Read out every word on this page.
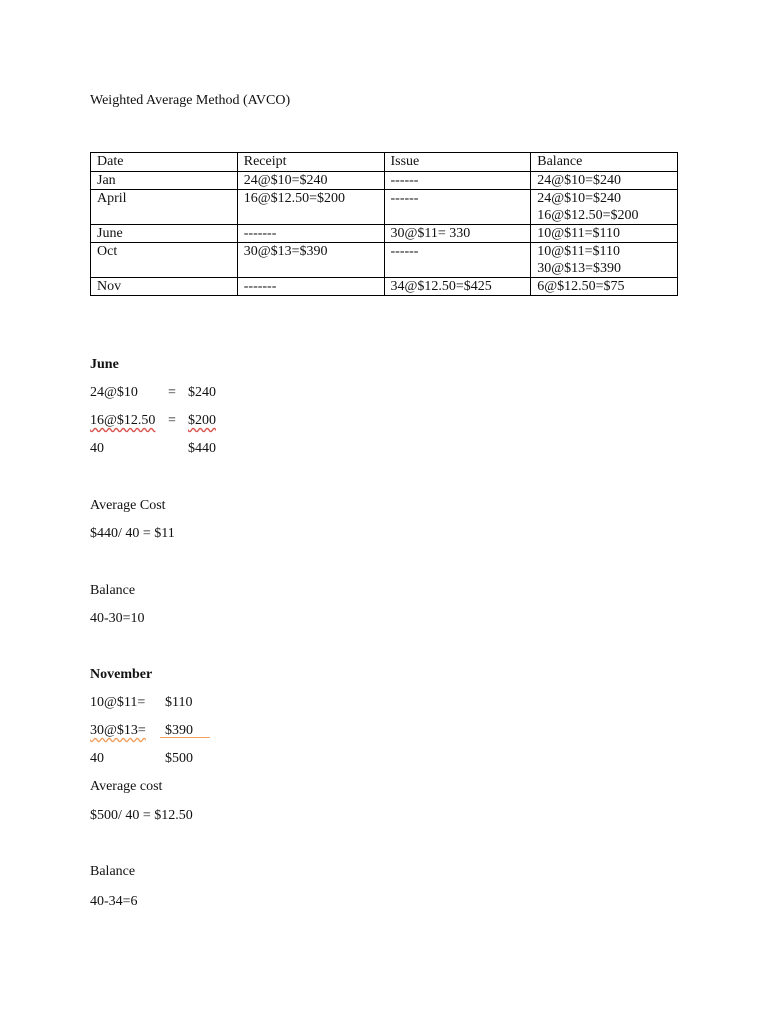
Weighted Average Method (AVCO)
Date	Receipt	Issue	Balance
Jan	24@$10=$240	------	24@$10=$240

April	16@$12.50=$200	------	24@$10=$240
16@$12.50=$200

June	-------	30@$11= 330	10@$11=$110

Oct	30@$13=$390	------	10@$11=$110
30@$13=$390

Nov	-------	34@$12.50=$425	6@$12.50=$75
June
24@$10 = $240
16@$12.50 = $200
40	$440
Average Cost
$440/ 40 = $11
Balance
40-30=10
November
10@$11= $110
30@$13= $390
40	$500
Average cost
$500/ 40 = $12.50
Balance
40-34=6
